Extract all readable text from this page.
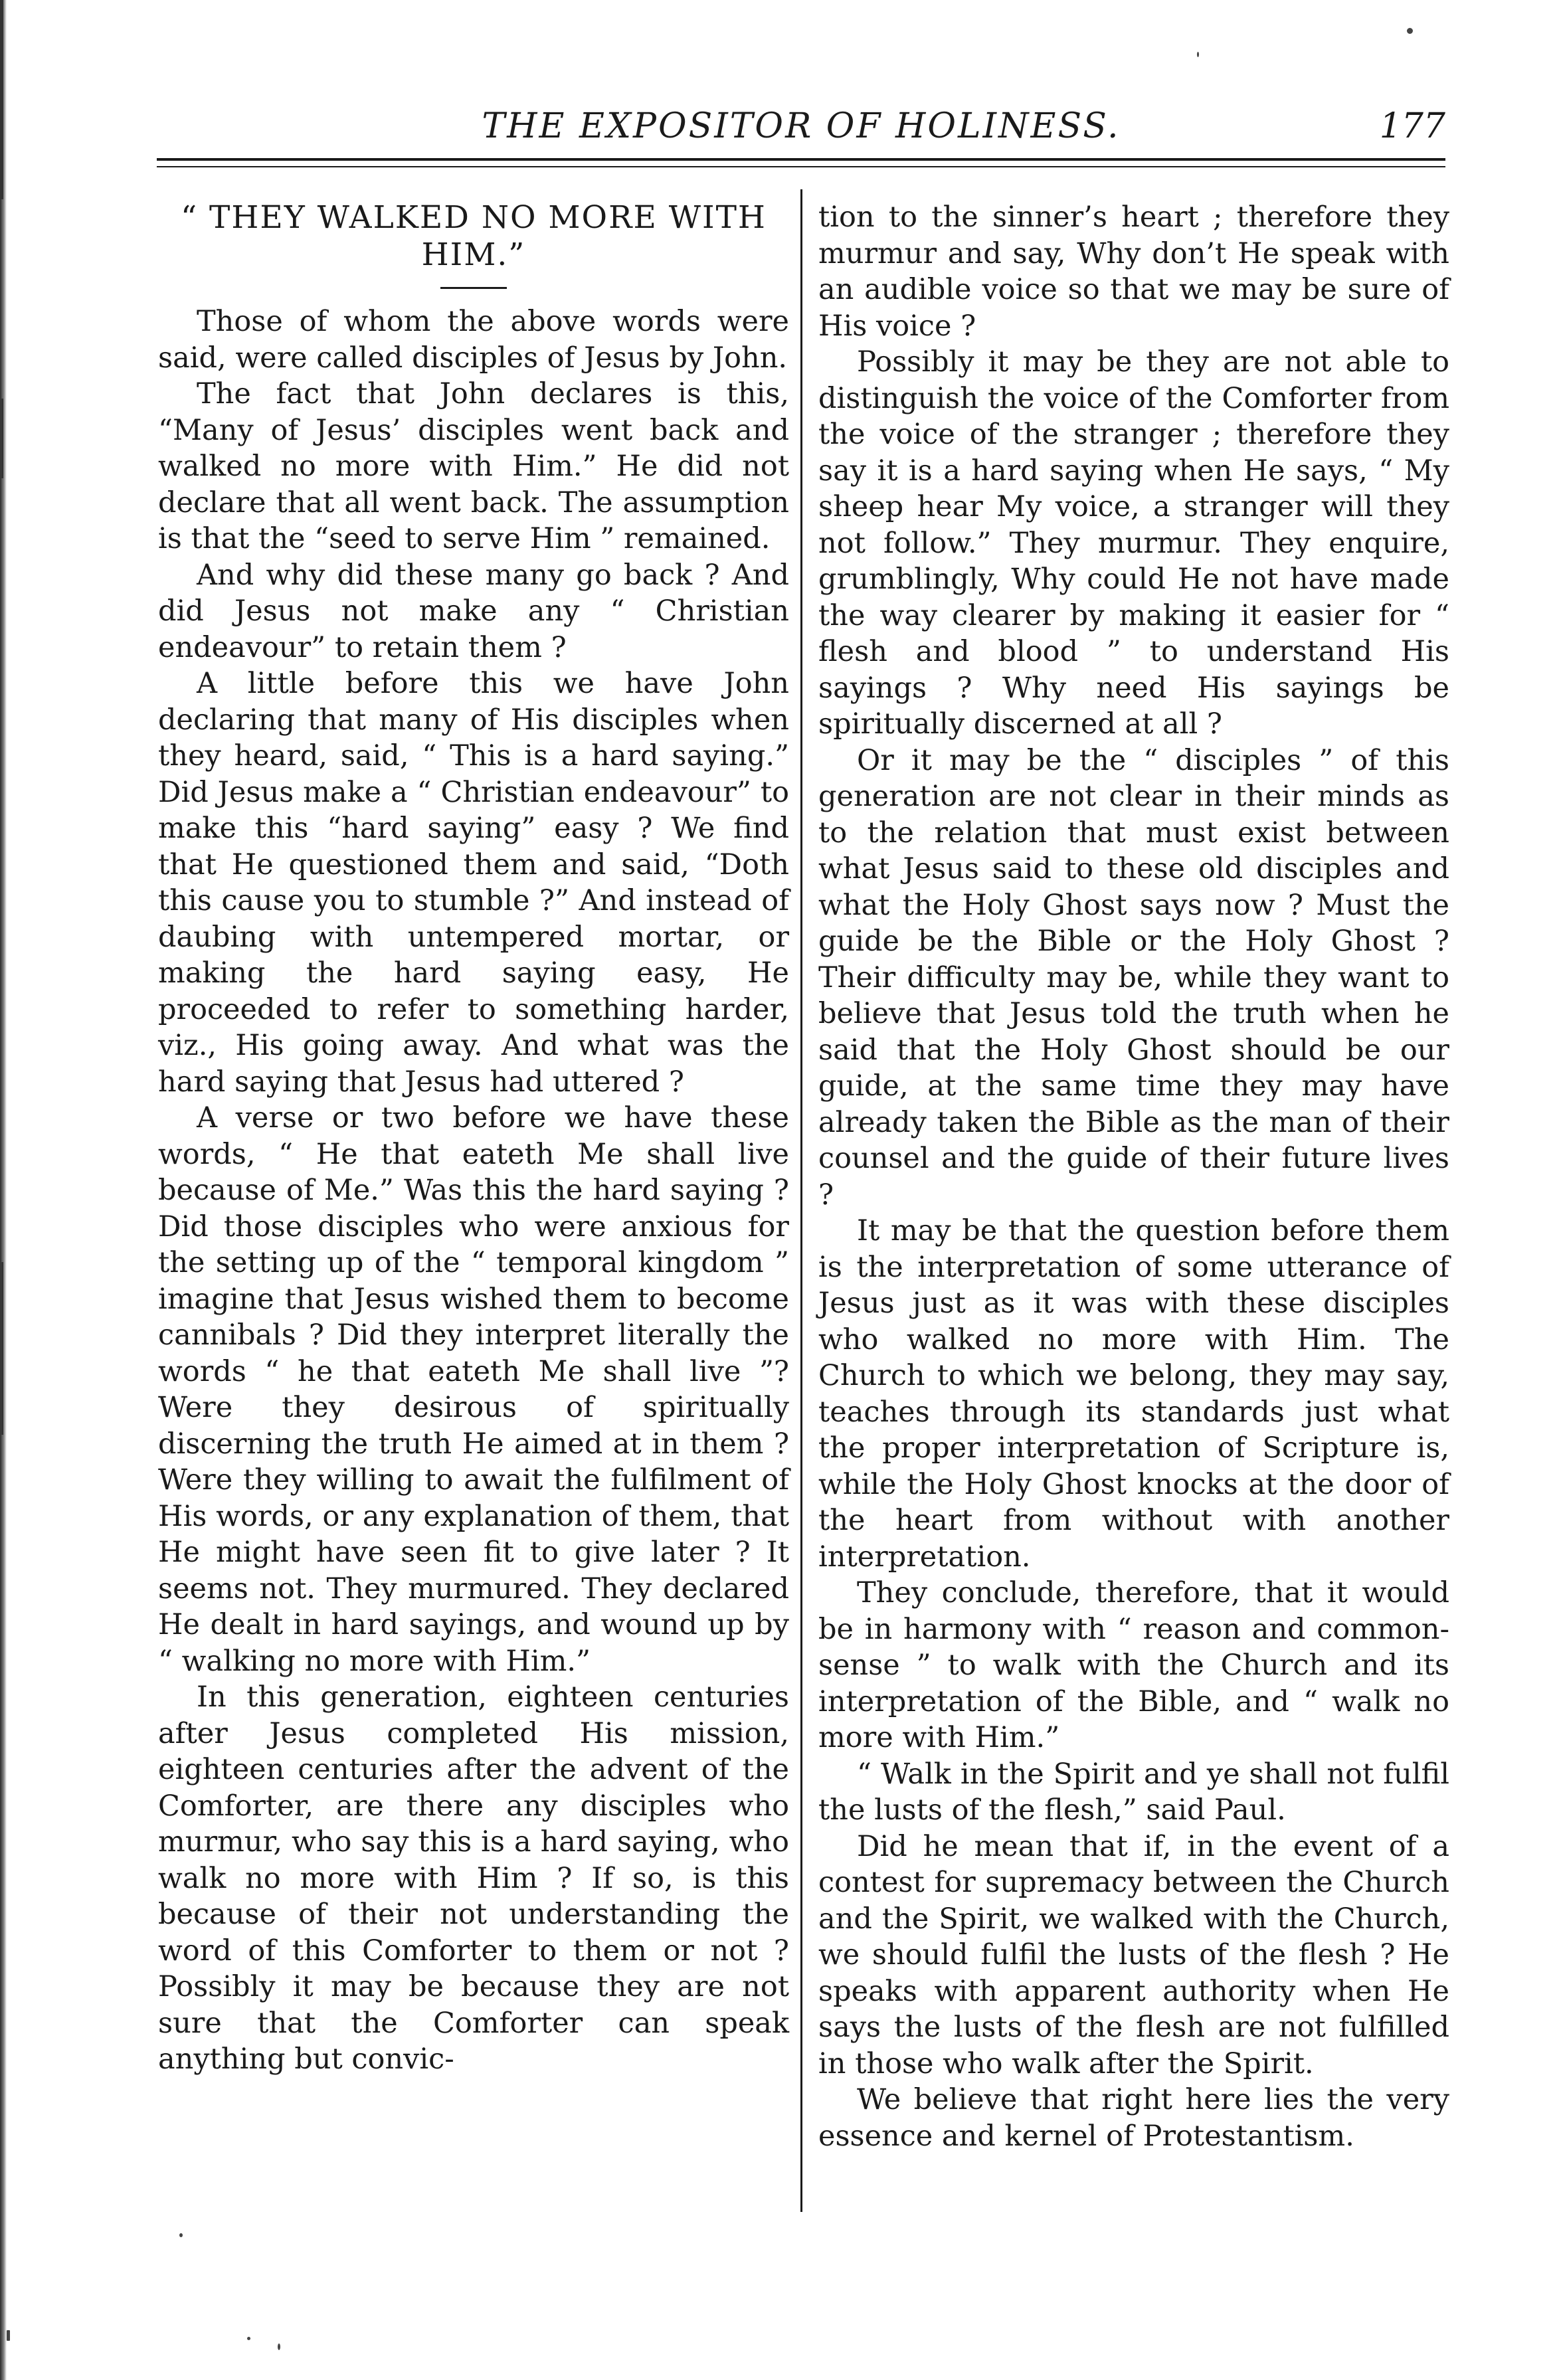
THE EXPOSITOR OF HOLINESS.	177
“ THEY WALKED NO MORE WITH HIM.”

Those of whom the above words were said, were called disciples of Jesus by John.

The fact that John declares is this, “Many of Jesus’ disciples went back and walked no more with Him.” He did not declare that all went back. The assumption is that the “seed to serve Him ” remained.

And why did these many go back ? And did Jesus not make any “ Christian endeavour” to retain them ?

A little before this we have John declaring that many of His disciples when they heard, said, “ This is a hard saying.” Did Jesus make a “ Christian endeavour” to make this “hard saying” easy ? We find that He questioned them and said, “Doth this cause you to stumble ?” And instead of daubing with untempered mortar, or making the hard saying easy, He proceeded to refer to something harder, viz., His going away. And what was the hard saying that Jesus had uttered ?

A verse or two before we have these words, “ He that eateth Me shall live because of Me.” Was this the hard saying ? Did those disciples who were anxious for the setting up of the “ temporal kingdom ” imagine that Jesus wished them to become cannibals ? Did they interpret literally the words “ he that eateth Me shall live ”? Were they desirous of spiritually discerning the truth He aimed at in them ? Were they willing to await the fulfilment of His words, or any explanation of them, that He might have seen fit to give later ? It seems not. They murmured. They declared He dealt in hard sayings, and wound up by “ walking no more with Him.”

In this generation, eighteen centuries after Jesus completed His mission, eighteen centuries after the advent of the Comforter, are there any disciples who murmur, who say this is a hard saying, who walk no more with Him ? If so, is this because of their not understanding the word of this Comforter to them or not ? Possibly it may be because they are not sure that the Comforter can speak anything but convic-

tion to the sinner’s heart ; therefore they murmur and say, Why don’t He speak with an audible voice so that we may be sure of His voice ?

Possibly it may be they are not able to distinguish the voice of the Comforter from the voice of the stranger ; therefore they say it is a hard saying when He says, “ My sheep hear My voice, a stranger will they not follow.” They murmur. They enquire, grumblingly, Why could He not have made the way clearer by making it easier for “ flesh and blood ” to understand His sayings ? Why need His sayings be spiritually discerned at all ?

Or it may be the “ disciples ” of this generation are not clear in their minds as to the relation that must exist between what Jesus said to these old disciples and what the Holy Ghost says now ? Must the guide be the Bible or the Holy Ghost ? Their difficulty may be, while they want to believe that Jesus told the truth when he said that the Holy Ghost should be our guide, at the same time they may have already taken the Bible as the man of their counsel and the guide of their future lives ?

It may be that the question before them is the interpretation of some utterance of Jesus just as it was with these disciples who walked no more with Him. The Church to which we belong, they may say, teaches through its standards just what the proper interpretation of Scripture is, while the Holy Ghost knocks at the door of the heart from without with another interpretation.

They conclude, therefore, that it would be in harmony with “ reason and common-sense ” to walk with the Church and its interpretation of the Bible, and “ walk no more with Him.”

“ Walk in the Spirit and ye shall not fulfil the lusts of the flesh,” said Paul.

Did he mean that if, in the event of a contest for supremacy between the Church and the Spirit, we walked with the Church, we should fulfil the lusts of the flesh ? He speaks with apparent authority when He says the lusts of the flesh are not fulfilled in those who walk after the Spirit.

We believe that right here lies the very essence and kernel of Protestantism.
